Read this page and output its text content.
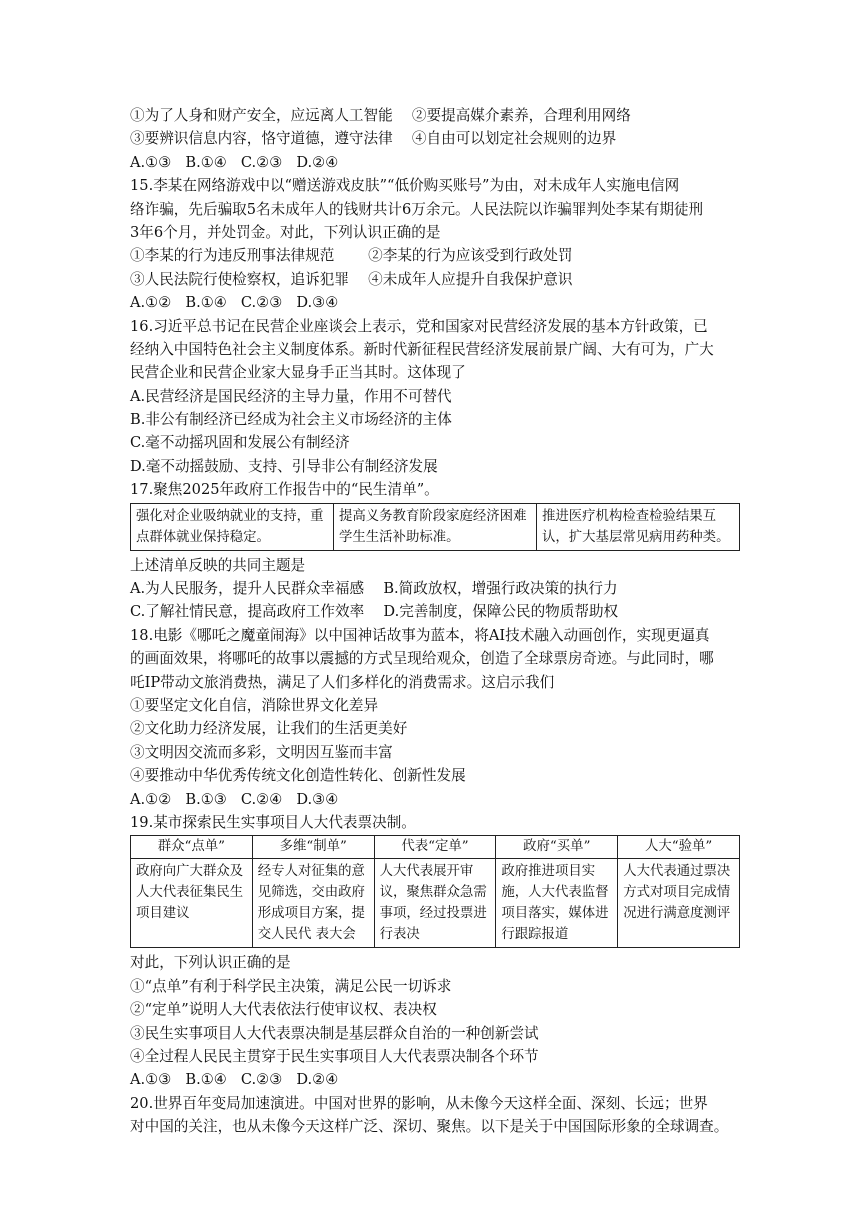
①为了人身和财产安全，应远离人工智能　 ②要提高媒介素养，合理利用网络
③要辨识信息内容，恪守道德，遵守法律　 ④自由可以划定社会规则的边界
A.①③ B.①④ C.②③ D.②④
15.李某在网络游戏中以“赠送游戏皮肤”“低价购买账号”为由，对未成年人实施电信网
络诈骗，先后骗取5名未成年人的钱财共计6万余元。人民法院以诈骗罪判处李某有期徒刑
3年6个月，并处罚金。对此，下列认识正确的是
①李某的行为违反刑事法律规范　　 ②李某的行为应该受到行政处罚
③人民法院行使检察权，追诉犯罪　 ④未成年人应提升自我保护意识
A.①② B.①④ C.②③ D.③④
16.习近平总书记在民营企业座谈会上表示，党和国家对民营经济发展的基本方针政策，已
经纳入中国特色社会主义制度体系。新时代新征程民营经济发展前景广阔、大有可为，广大
民营企业和民营企业家大显身手正当其时。这体现了
A.民营经济是国民经济的主导力量，作用不可替代
B.非公有制经济已经成为社会主义市场经济的主体
C.毫不动摇巩固和发展公有制经济
D.毫不动摇鼓励、支持、引导非公有制经济发展
17.聚焦2025年政府工作报告中的“民生清单”。
强化对企业吸纳就业的支持，重点群体就业保持稳定。	提高义务教育阶段家庭经济困难学生生活补助标准。	推进医疗机构检查检验结果互认，扩大基层常见病用药种类。
上述清单反映的共同主题是
A.为人民服务，提升人民群众幸福感　 B.简政放权，增强行政决策的执行力
C.了解社情民意，提高政府工作效率　 D.完善制度，保障公民的物质帮助权
18.电影《哪吒之魔童闹海》以中国神话故事为蓝本，将AI技术融入动画创作，实现更逼真
的画面效果，将哪吒的故事以震撼的方式呈现给观众，创造了全球票房奇迹。与此同时，哪
吒IP带动文旅消费热，满足了人们多样化的消费需求。这启示我们
①要坚定文化自信，消除世界文化差异
②文化助力经济发展，让我们的生活更美好
③文明因交流而多彩，文明因互鉴而丰富
④要推动中华优秀传统文化创造性转化、创新性发展
A.①② B.①③ C.②④ D.③④
19.某市探索民生实事项目人大代表票决制。
群众“点单”	多维“制单”	代表“定单”	政府“买单”	人大“验单”
政府向广大群众及人大代表征集民生项目建议	经专人对征集的意见筛选，交由政府形成项目方案，提交人民代 表大会	人大代表展开审议，聚焦群众急需事项，经过投票进行表决	政府推进项目实施，人大代表监督项目落实，媒体进行跟踪报道	人大代表通过票决方式对项目完成情况进行满意度测评
对此，下列认识正确的是
①“点单”有利于科学民主决策，满足公民一切诉求
②“定单”说明人大代表依法行使审议权、表决权
③民生实事项目人大代表票决制是基层群众自治的一种创新尝试
④全过程人民民主贯穿于民生实事项目人大代表票决制各个环节
A.①③ B.①④ C.②③ D.②④
20.世界百年变局加速演进。中国对世界的影响，从未像今天这样全面、深刻、长远；世界
对中国的关注，也从未像今天这样广泛、深切、聚焦。以下是关于中国国际形象的全球调查。
